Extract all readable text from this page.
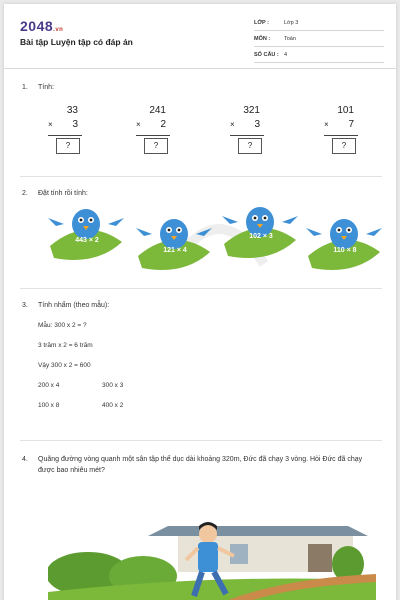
2048.vn
Bài tập Luyện tập có đáp án
LỚP :	Lớp 3
MÔN :	Toán
SỐ CÂU : 4
1. Tính:
33
× 3
?
241
× 2
?
321
× 3
?
101
× 7
?
2. Đặt tính rồi tính:
443 × 2
121 × 4
102 × 3
110 × 8
3. Tính nhẩm (theo mẫu):
Mẫu: 300 x 2 = ?
3 trăm x 2 = 6 trăm
Vậy 300 x 2 = 600
200 x 4	300 x 3
100 x 8	400 x 2
4. Quãng đường vòng quanh một sân tập thể dục dài khoảng 320m, Đức đã chạy 3 vòng. Hỏi Đức đã chạy được bao nhiêu mét?
